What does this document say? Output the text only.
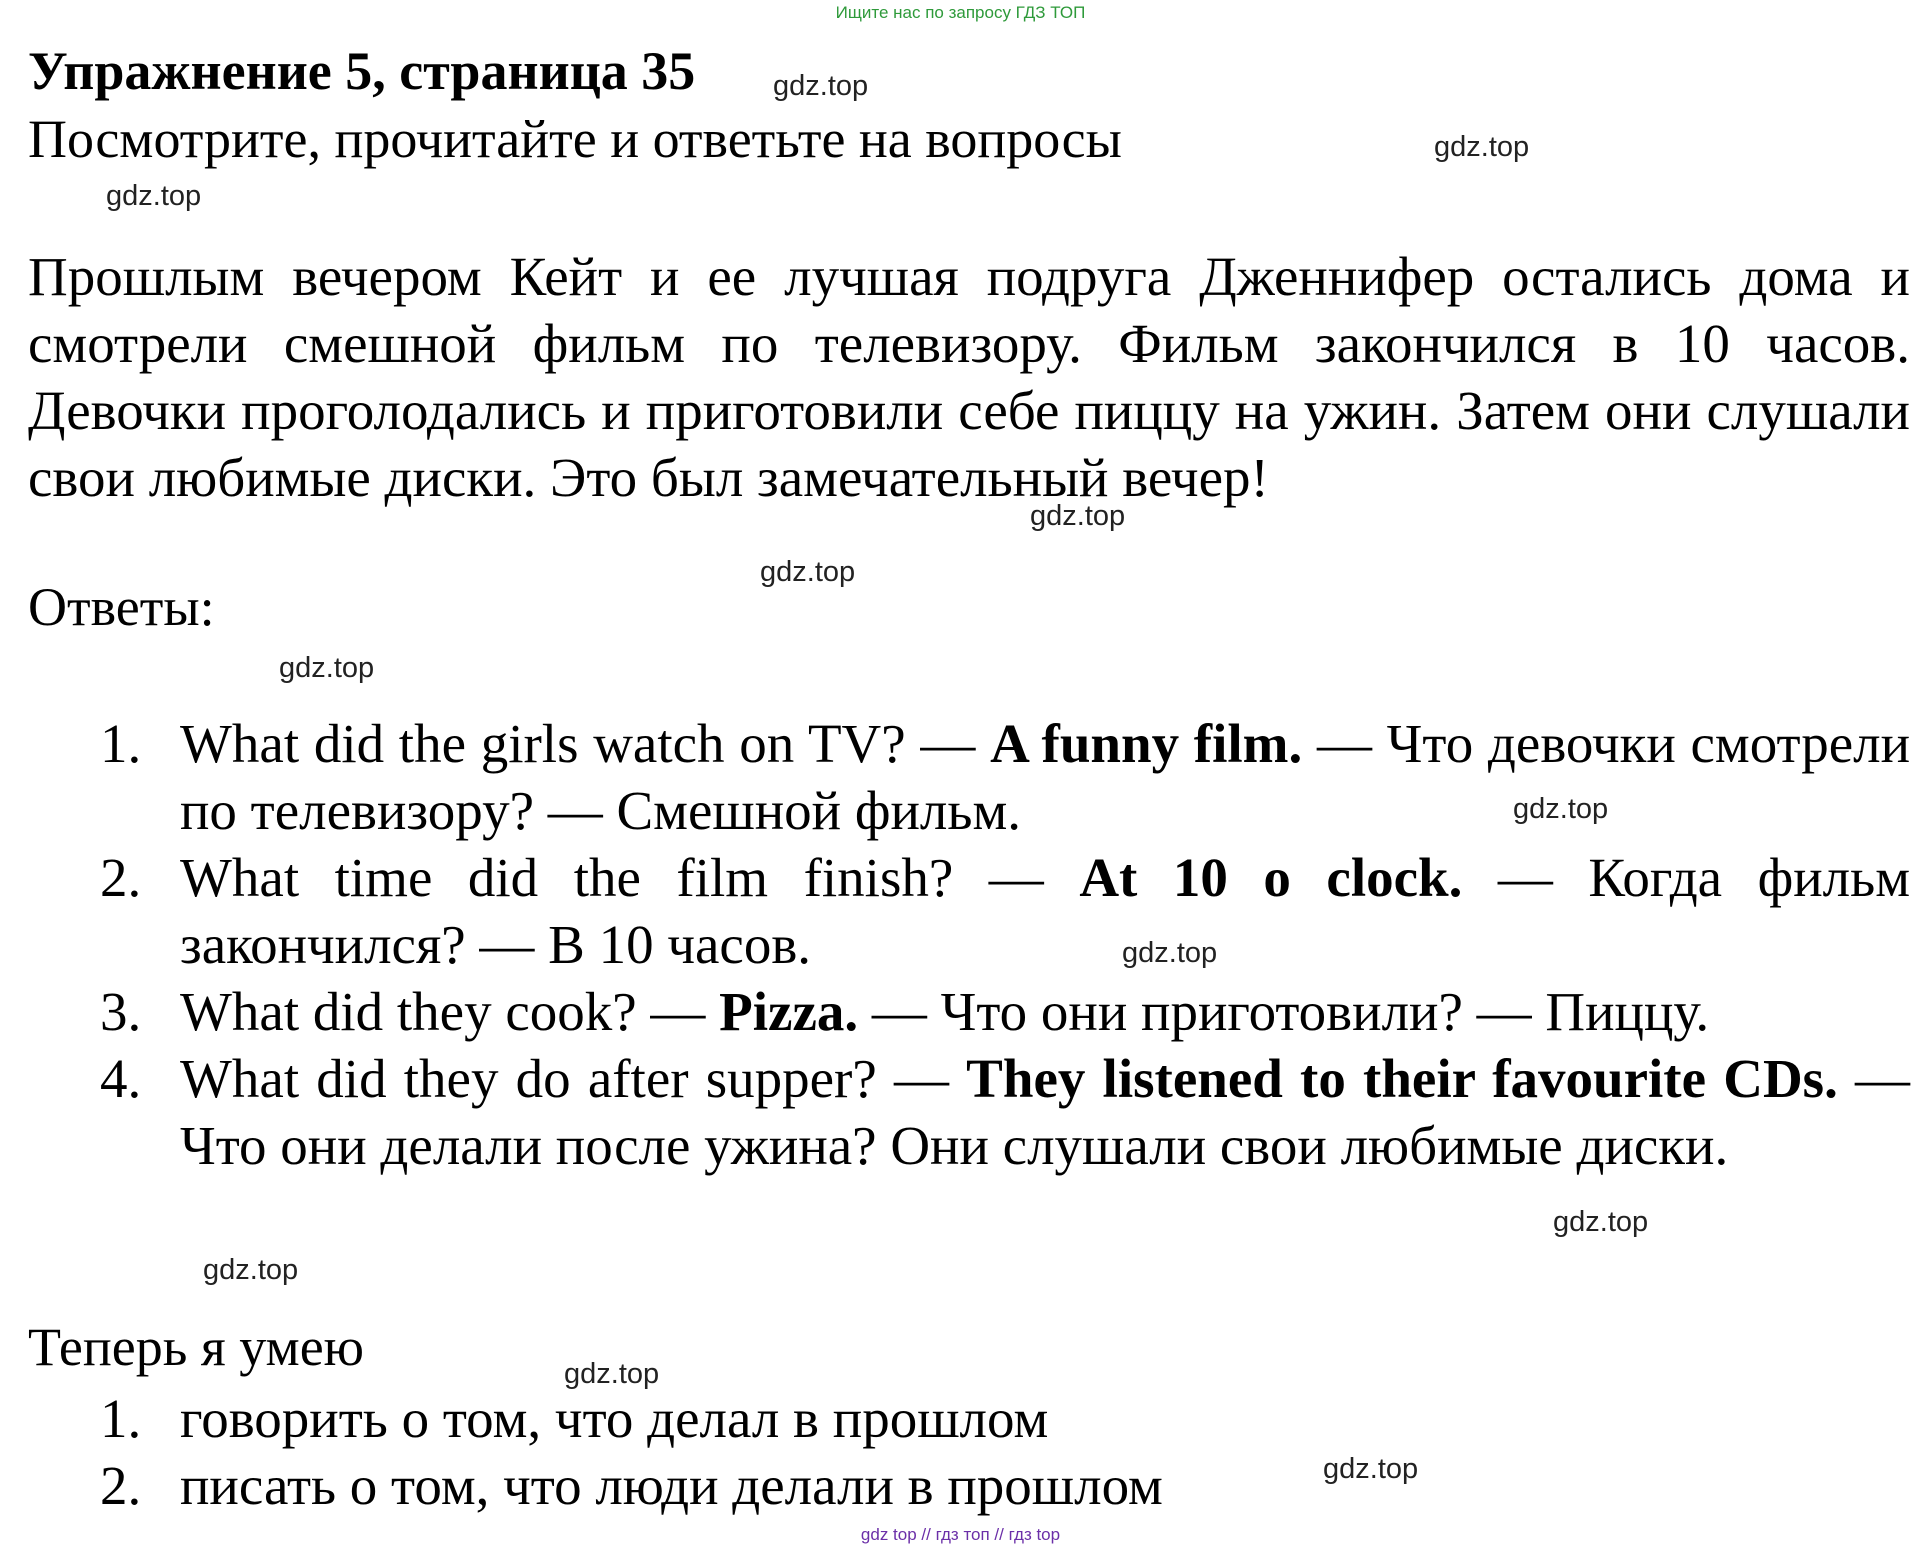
Ищите нас по запросу ГДЗ ТОП
Упражнение 5, страница 35
Посмотрите, прочитайте и ответьте на вопросы
Прошлым вечером Кейт и ее лучшая подруга Дженнифер остались дома и смотрели смешной фильм по телевизору. Фильм закончился в 10 часов. Девочки проголодались и приготовили себе пиццу на ужин. Затем они слушали свои любимые диски. Это был замечательный вечер!
Ответы:
1. What did the girls watch on TV? — A funny film. — Что девочки смотрели по телевизору? — Смешной фильм.
2. What time did the film finish? — At 10 o clock. — Когда фильм закончился? — В 10 часов.
3. What did they cook? — Pizza. — Что они приготовили? — Пиццу.
4. What did they do after supper? — They listened to their favourite CDs. — Что они делали после ужина? Они слушали свои любимые диски.
Теперь я умею
1. говорить о том, что делал в прошлом
2. писать о том, что люди делали в прошлом
gdz.top
gdz.top
gdz.top
gdz.top
gdz.top
gdz.top
gdz.top
gdz.top
gdz.top
gdz.top
gdz.top
gdz.top
gdz top // гдз топ // гдз top
